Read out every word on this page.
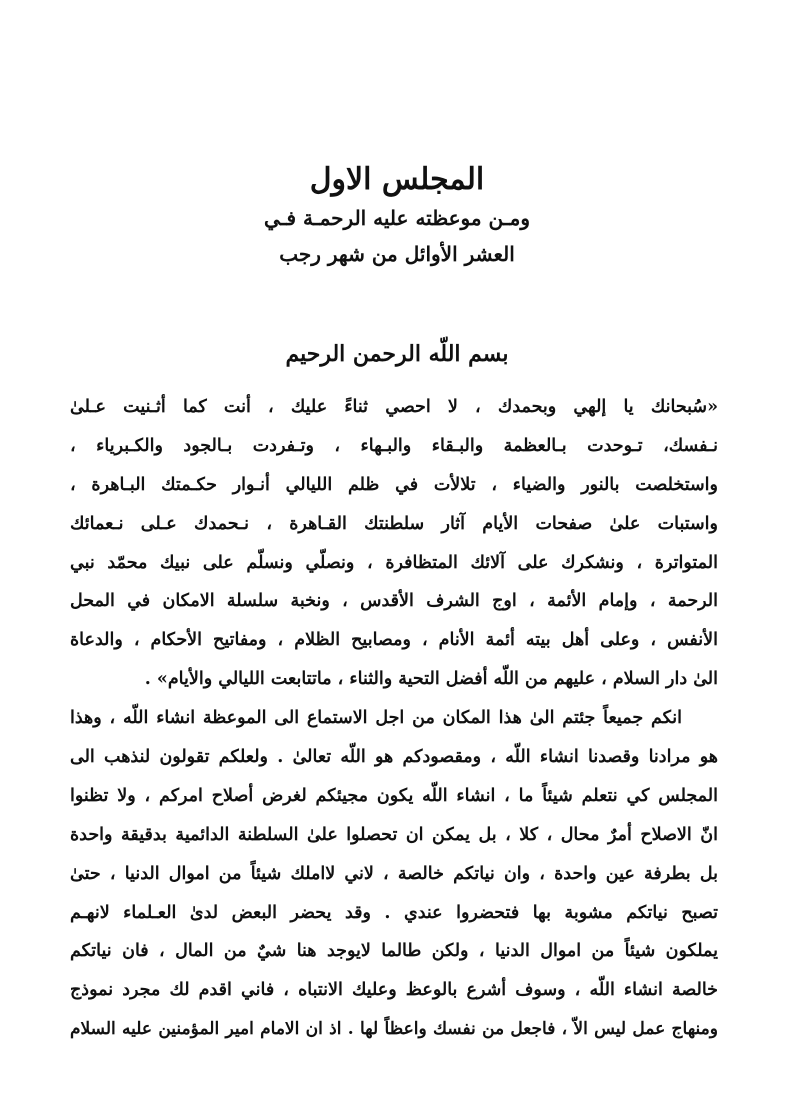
المجلس الاول
ومـن موعظته عليه الرحمـة فـي
العشر الأوائل من شهر رجب
بسم اللّه الرحمن الرحيم
«سُبحانك يا إلهي وبحمدك ، لا احصي ثناءً عليك ، أنت كما أثـنيت عـلىٰ
نـفسك، تـوحدت بـالعظمة والبـقاء والبـهاء ، وتـفردت بـالجود والكـبرياء ،
واستخلصت بالنور والضياء ، تلالأت في ظلم الليالي أنـوار حكـمتك البـاهرة ،
واستبات علىٰ صفحات الأيام آثار سلطنتك القـاهرة ، نـحمدك عـلى نـعمائك
المتواترة ، ونشكرك على آلائك المتظافرة ، ونصلّي ونسلّم على نبيك محمّد نبي
الرحمة ، وإمام الأئمة ، اوج الشرف الأقدس ، ونخبة سلسلة الامكان في المحل
الأنفس ، وعلى أهل بيته أئمة الأنام ، ومصابيح الظلام ، ومفاتيح الأحكام ، والدعاة
الىٰ دار السلام ، عليهم من اللّه أفضل التحية والثناء ، ماتتابعت الليالي والأيام» .
انكم جميعاً جئتم الىٰ هذا المكان من اجل الاستماع الى الموعظة انشاء اللّه ، وهذا
هو مرادنا وقصدنا انشاء اللّه ، ومقصودكم هو اللّه تعالىٰ . ولعلكم تقولون لنذهب الى
المجلس كي نتعلم شيئاً ما ، انشاء اللّه يكون مجيئكم لغرض أصلاح امركم ، ولا تظنوا
انّ الاصلاح أمرٌ محال ، كلا ، بل يمكن ان تحصلوا علىٰ السلطنة الدائمية بدقيقة واحدة
بل بطرفة عين واحدة ، وان نياتكم خالصة ، لاني لااملك شيئاً من اموال الدنيا ، حتىٰ
تصبح نياتكم مشوبة بها فتحضروا عندي . وقد يحضر البعض لدىٰ العـلماء لانهـم
يملكون شيئاً من اموال الدنيا ، ولكن طالما لايوجد هنا شيٌ من المال ، فان نياتكم
خالصة انشاء اللّه ، وسوف أشرع بالوعظ وعليك الانتباه ، فاني اقدم لك مجرد نموذج
ومنهاج عمل ليس الاّ ، فاجعل من نفسك واعظاً لها . اذ ان الامام امير المؤمنين عليه السلام
